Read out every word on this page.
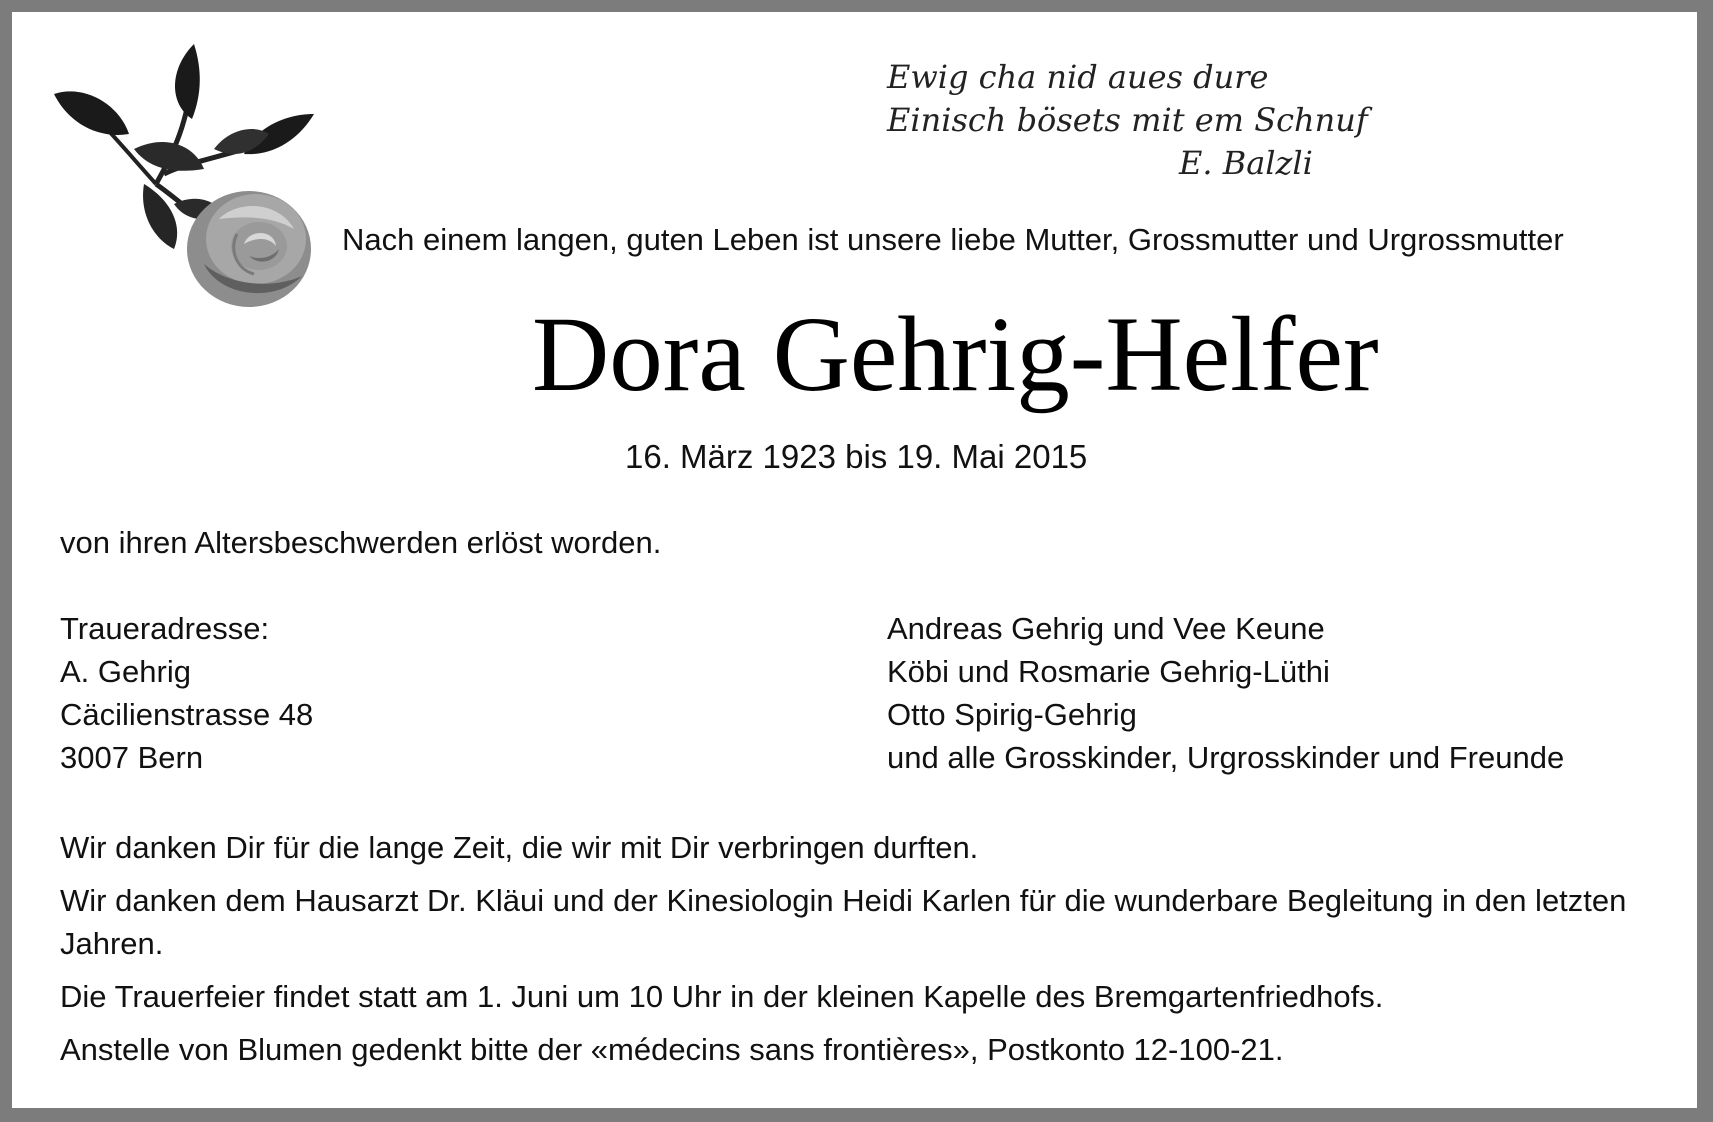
Ewig cha nid aues dure
Einisch bösets mit em Schnuf
E. Balzli
Nach einem langen, guten Leben ist unsere liebe Mutter, Grossmutter und Urgrossmutter
Dora Gehrig-Helfer
16. März 1923 bis 19. Mai 2015
von ihren Altersbeschwerden erlöst worden.
Traueradresse:
A. Gehrig
Cäcilienstrasse 48
3007 Bern
Andreas Gehrig und Vee Keune
Köbi und Rosmarie Gehrig-Lüthi
Otto Spirig-Gehrig
und alle Grosskinder, Urgrosskinder und Freunde

Wir danken Dir für die lange Zeit, die wir mit Dir verbringen durften.

Wir danken dem Hausarzt Dr. Kläui und der Kinesiologin Heidi Karlen für die wunderbare Begleitung in den letzten Jahren.

Die Trauerfeier findet statt am 1. Juni um 10 Uhr in der kleinen Kapelle des Bremgartenfriedhofs.

Anstelle von Blumen gedenkt bitte der «médecins sans frontières», Postkonto 12-100-21.
